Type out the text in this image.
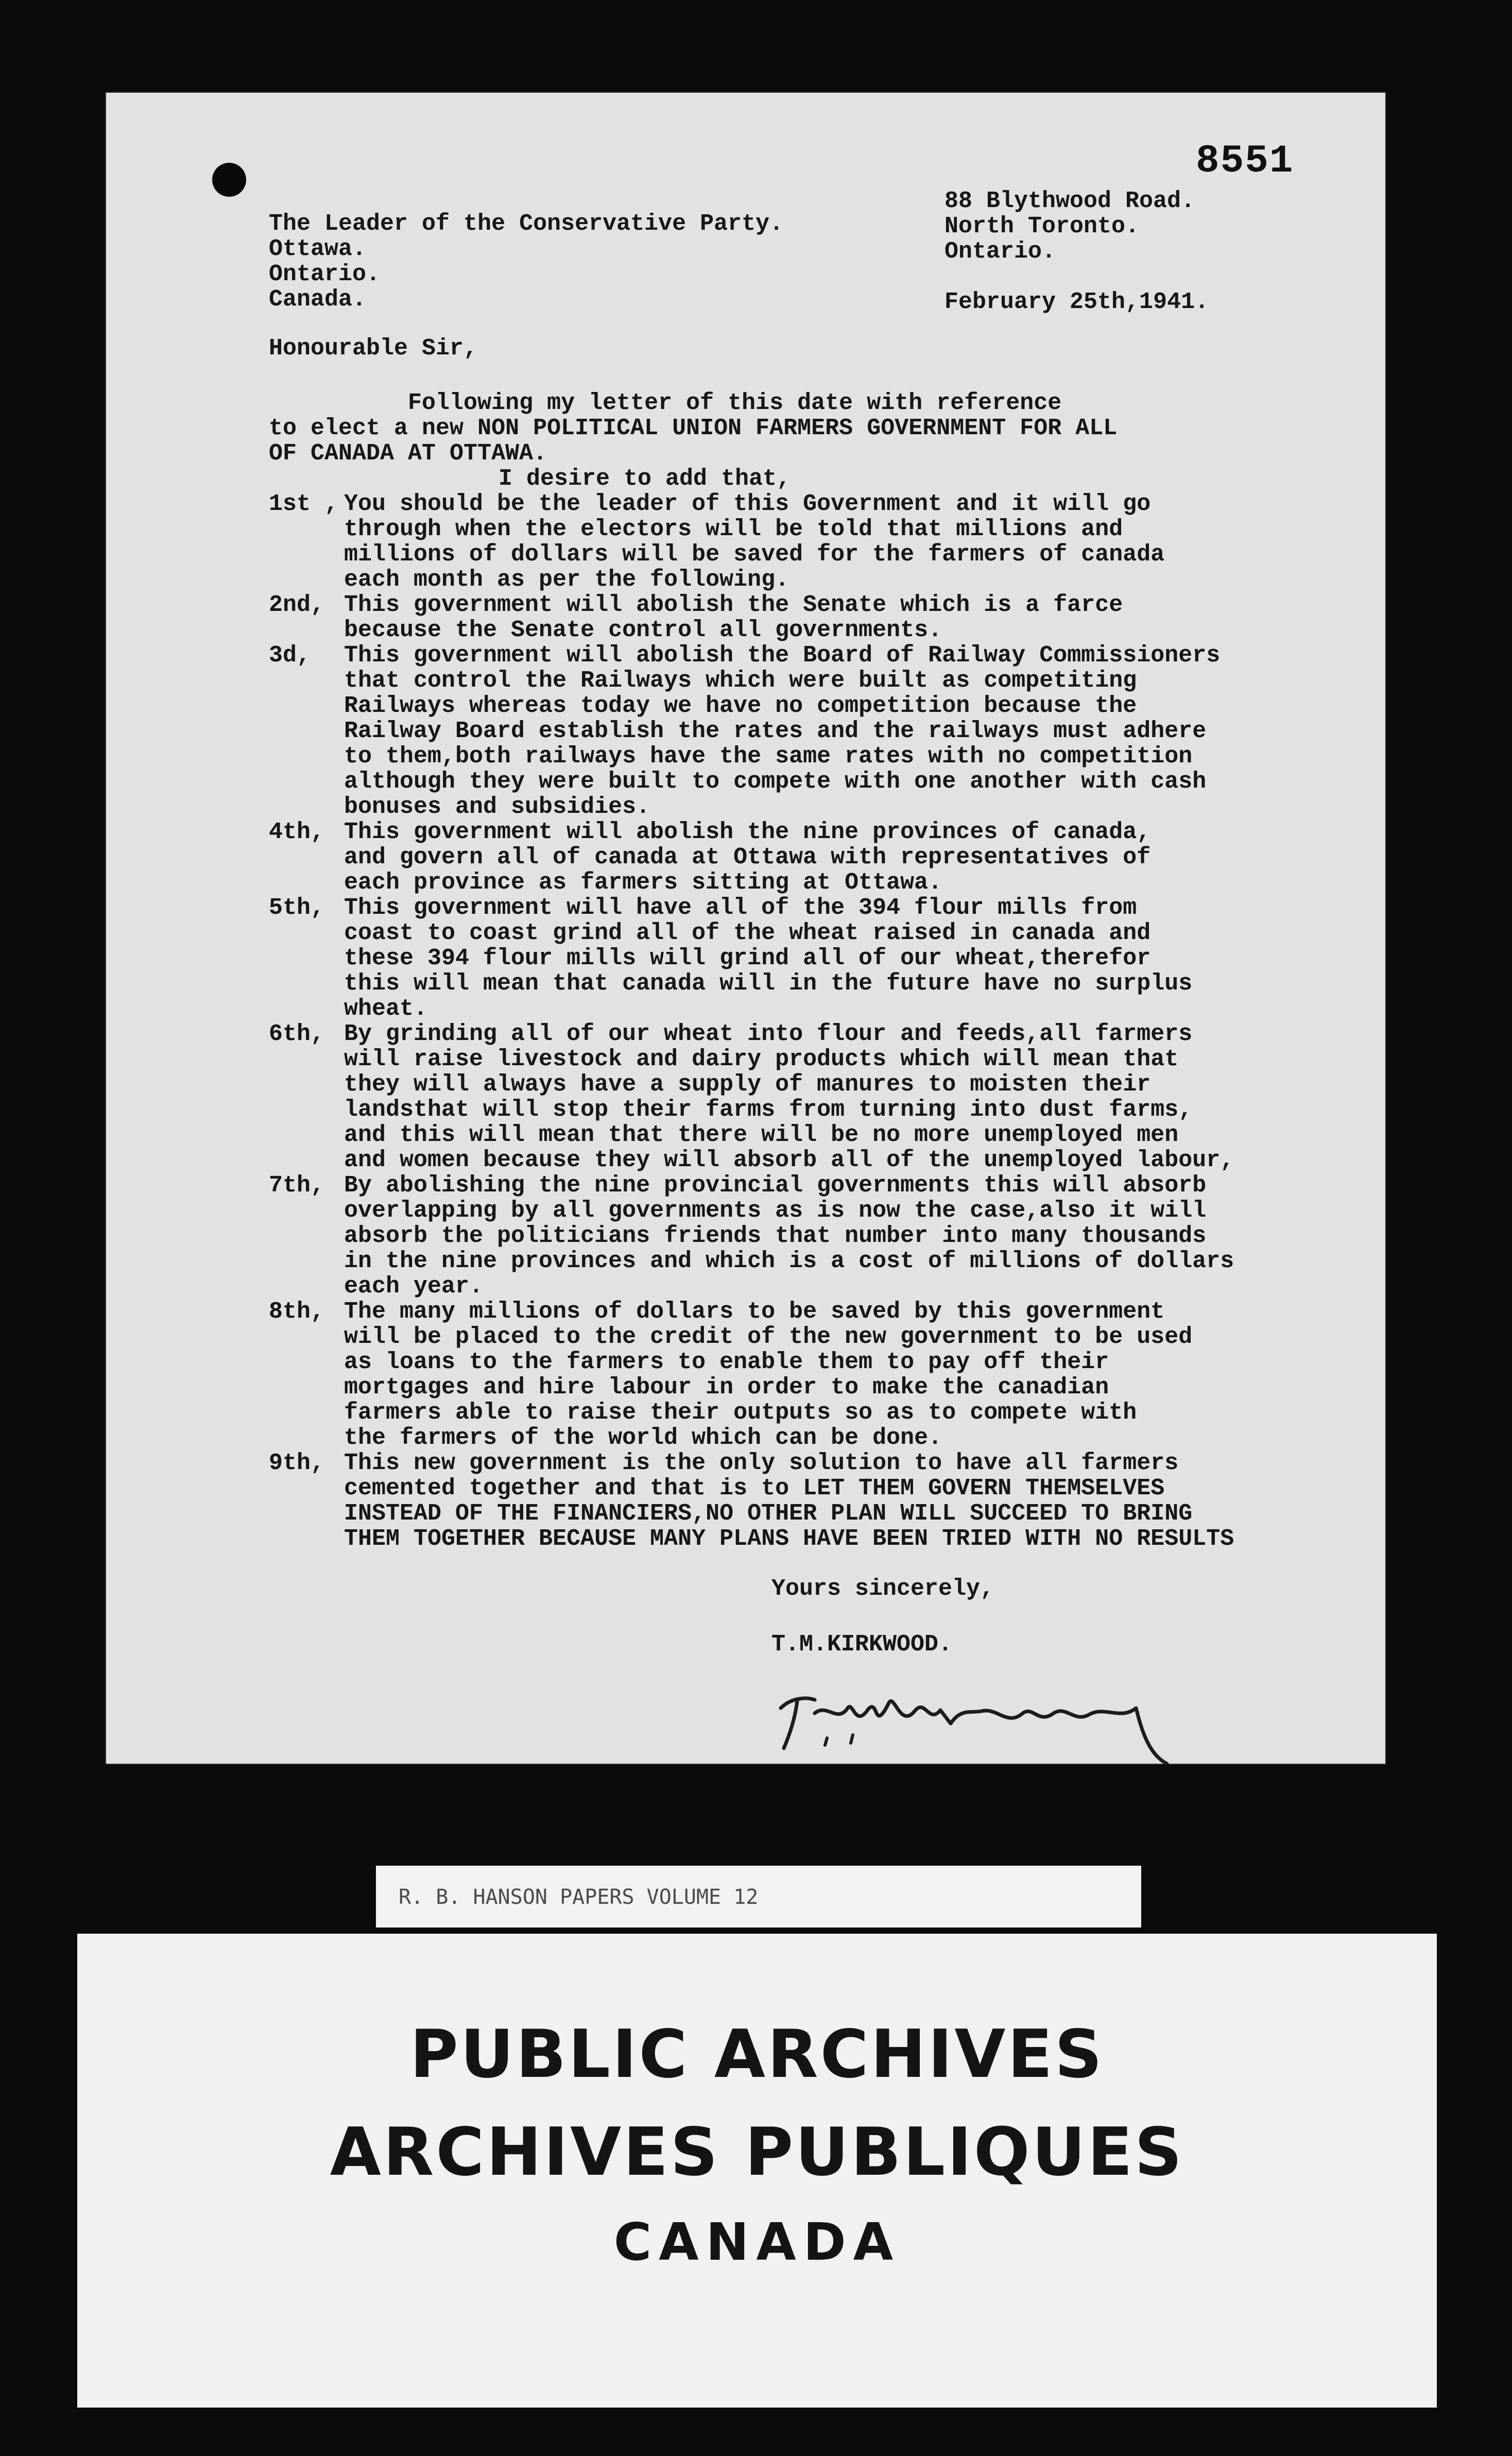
8551
The Leader of the Conservative Party.
Ottawa.
Ontario.
Canada.
88 Blythwood Road.
North Toronto.
Ontario.
February 25th,1941.
Honourable Sir,
Following my letter of this date with reference
to elect a new NON POLITICAL UNION FARMERS GOVERNMENT FOR ALL
OF CANADA AT OTTAWA.
I desire to add that,
1st , You should be the leader of this Government and it will go
through when the electors will be told that millions and
millions of dollars will be saved for the farmers of canada
each month as per the following.
2nd, This government will abolish the Senate which is a farce
because the Senate control all governments.
3d, This government will abolish the Board of Railway Commissioners
that control the Railways which were built as competiting
Railways whereas today we have no competition because the
Railway Board establish the rates and the railways must adhere
to them,both railways have the same rates with no competition
although they were built to compete with one another with cash
bonuses and subsidies.
4th, This government will abolish the nine provinces of canada,
and govern all of canada at Ottawa with representatives of
each province as farmers sitting at Ottawa.
5th, This government will have all of the 394 flour mills from
coast to coast grind all of the wheat raised in canada and
these 394 flour mills will grind all of our wheat,therefor
this will mean that canada will in the future have no surplus
wheat.
6th, By grinding all of our wheat into flour and feeds,all farmers
will raise livestock and dairy products which will mean that
they will always have a supply of manures to moisten their
landsthat will stop their farms from turning into dust farms,
and this will mean that there will be no more unemployed men
and women because they will absorb all of the unemployed labour,
7th, By abolishing the nine provincial governments this will absorb
overlapping by all governments as is now the case,also it will
absorb the politicians friends that number into many thousands
in the nine provinces and which is a cost of millions of dollars
each year.
8th, The many millions of dollars to be saved by this government
will be placed to the credit of the new government to be used
as loans to the farmers to enable them to pay off their
mortgages and hire labour in order to make the canadian
farmers able to raise their outputs so as to compete with
the farmers of the world which can be done.
9th, This new government is the only solution to have all farmers
cemented together and that is to LET THEM GOVERN THEMSELVES
INSTEAD OF THE FINANCIERS,NO OTHER PLAN WILL SUCCEED TO BRING
THEM TOGETHER BECAUSE MANY PLANS HAVE BEEN TRIED WITH NO RESULTS
Yours sincerely,
T.M.KIRKWOOD.
R. B. HANSON PAPERS VOLUME 12
PUBLIC ARCHIVES
ARCHIVES PUBLIQUES
CANADA
